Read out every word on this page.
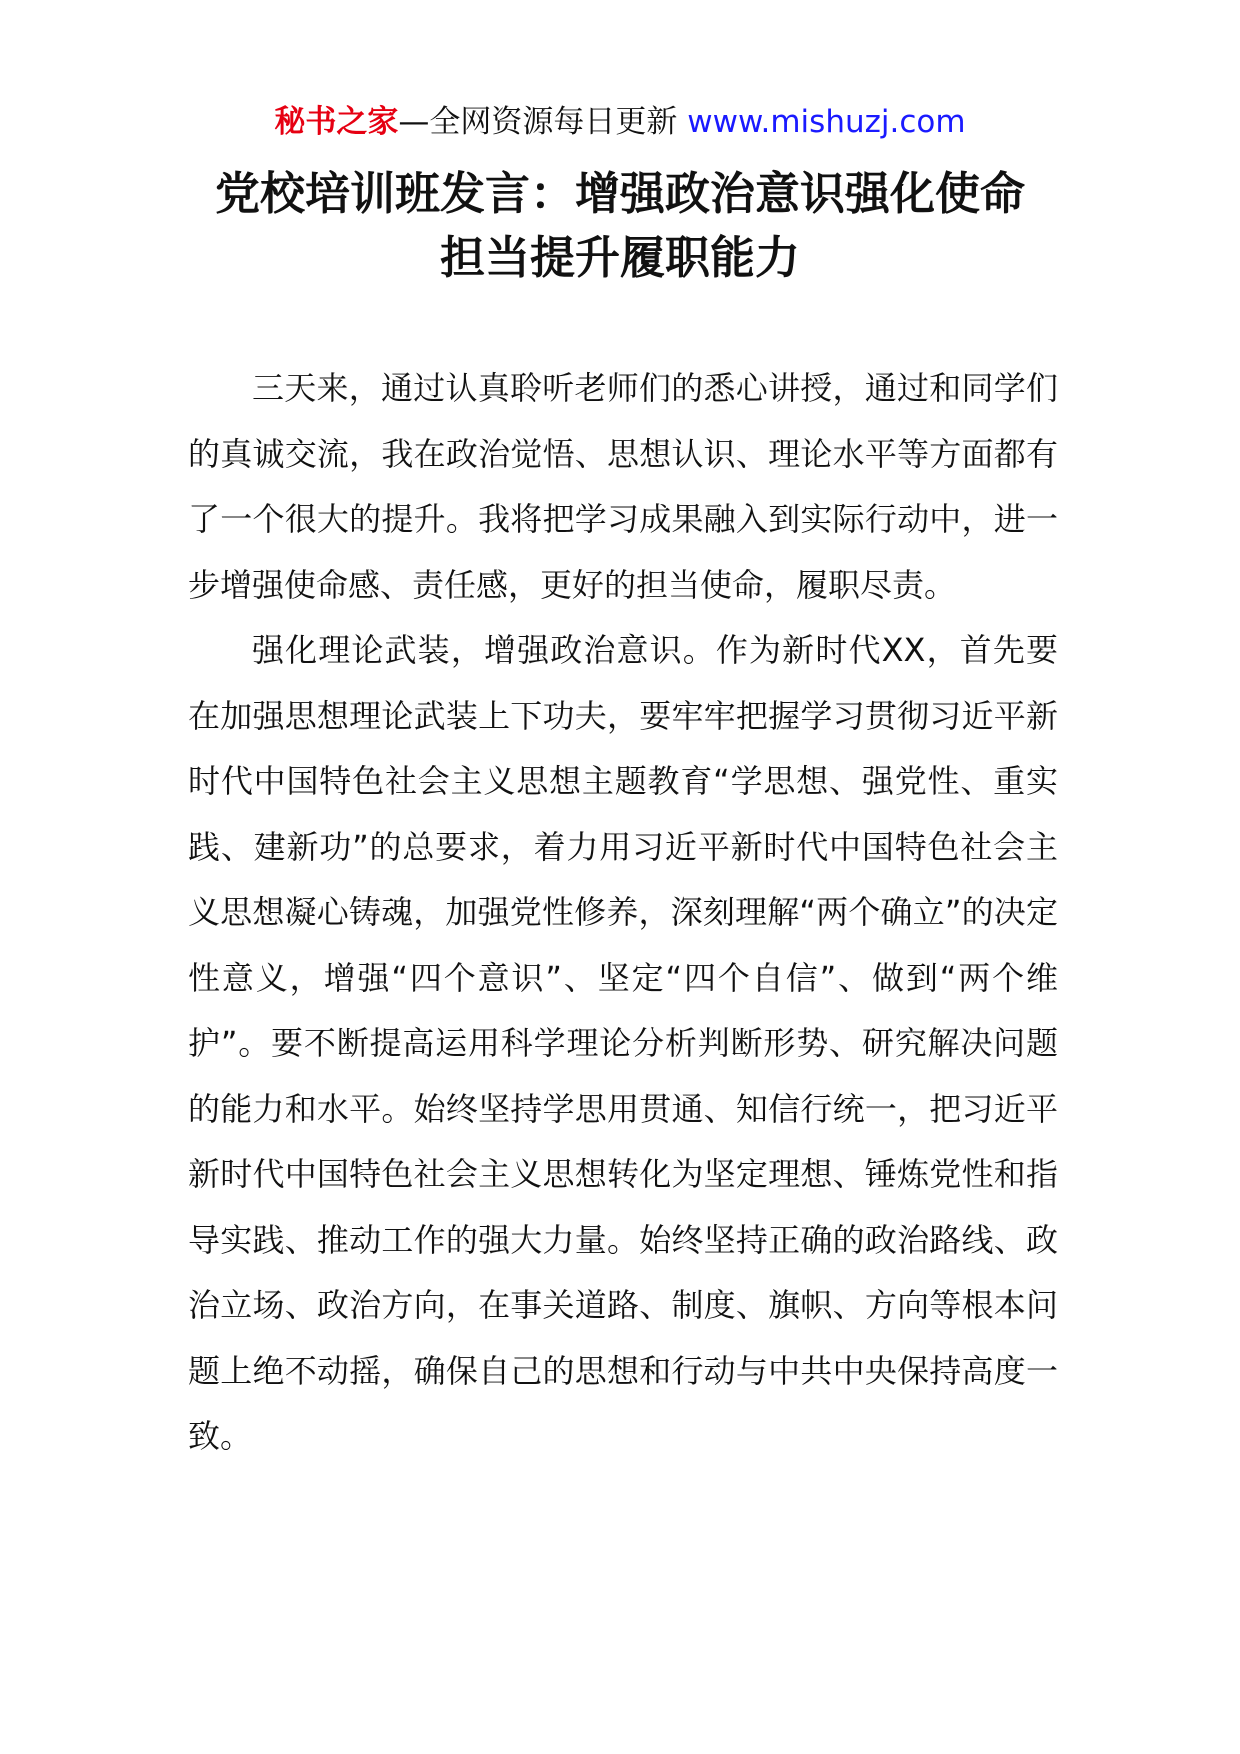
秘书之家—全网资源每日更新 www.mishuzj.com
党校培训班发言：增强政治意识强化使命
担当提升履职能力

三天来，通过认真聆听老师们的悉心讲授，通过和同学们的真诚交流，我在政治觉悟、思想认识、理论水平等方面都有了一个很大的提升。我将把学习成果融入到实际行动中，进一步增强使命感、责任感，更好的担当使命，履职尽责。

强化理论武装，增强政治意识。作为新时代XX，首先要在加强思想理论武装上下功夫，要牢牢把握学习贯彻习近平新时代中国特色社会主义思想主题教育“学思想、强党性、重实践、建新功”的总要求，着力用习近平新时代中国特色社会主义思想凝心铸魂，加强党性修养，深刻理解“两个确立”的决定性意义，增强“四个意识”、坚定“四个自信”、做到“两个维护”。要不断提高运用科学理论分析判断形势、研究解决问题的能力和水平。始终坚持学思用贯通、知信行统一，把习近平新时代中国特色社会主义思想转化为坚定理想、锤炼党性和指导实践、推动工作的强大力量。始终坚持正确的政治路线、政治立场、政治方向，在事关道路、制度、旗帜、方向等根本问题上绝不动摇，确保自己的思想和行动与中共中央保持高度一致。
